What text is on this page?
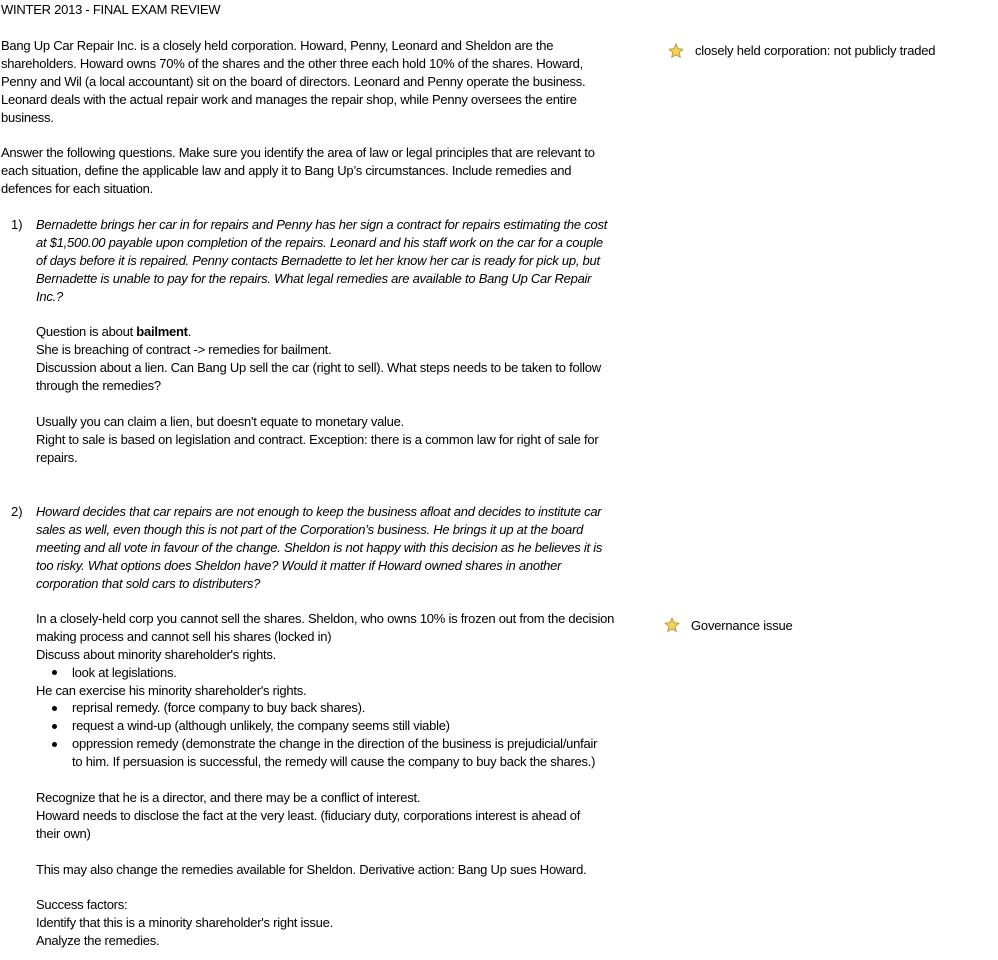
WINTER 2013 - FINAL EXAM REVIEW
Bang Up Car Repair Inc. is a closely held corporation. Howard, Penny, Leonard and Sheldon are the
shareholders. Howard owns 70% of the shares and the other three each hold 10% of the shares. Howard,
Penny and Wil (a local accountant) sit on the board of directors. Leonard and Penny operate the business.
Leonard deals with the actual repair work and manages the repair shop, while Penny oversees the entire
business.
Answer the following questions. Make sure you identify the area of law or legal principles that are relevant to
each situation, define the applicable law and apply it to Bang Up’s circumstances. Include remedies and
defences for each situation.
1) Bernadette brings her car in for repairs and Penny has her sign a contract for repairs estimating the cost
at $1,500.00 payable upon completion of the repairs. Leonard and his staff work on the car for a couple
of days before it is repaired. Penny contacts Bernadette to let her know her car is ready for pick up, but
Bernadette is unable to pay for the repairs. What legal remedies are available to Bang Up Car Repair
Inc.?
Question is about bailment.
She is breaching of contract -> remedies for bailment.
Discussion about a lien. Can Bang Up sell the car (right to sell). What steps needs to be taken to follow
through the remedies?
Usually you can claim a lien, but doesn't equate to monetary value.
Right to sale is based on legislation and contract. Exception: there is a common law for right of sale for
repairs.
2) Howard decides that car repairs are not enough to keep the business afloat and decides to institute car
sales as well, even though this is not part of the Corporation’s business. He brings it up at the board
meeting and all vote in favour of the change. Sheldon is not happy with this decision as he believes it is
too risky. What options does Sheldon have? Would it matter if Howard owned shares in another
corporation that sold cars to distributers?
In a closely-held corp you cannot sell the shares. Sheldon, who owns 10% is frozen out from the decision
making process and cannot sell his shares (locked in)
Discuss about minority shareholder's rights.
look at legislations.
He can exercise his minority shareholder's rights.
reprisal remedy. (force company to buy back shares).
request a wind-up (although unlikely, the company seems still viable)
oppression remedy (demonstrate the change in the direction of the business is prejudicial/unfair
to him. If persuasion is successful, the remedy will cause the company to buy back the shares.)
Recognize that he is a director, and there may be a conflict of interest.
Howard needs to disclose the fact at the very least. (fiduciary duty, corporations interest is ahead of
their own)
This may also change the remedies available for Sheldon. Derivative action: Bang Up sues Howard.
Success factors:
Identify that this is a minority shareholder's right issue.
Analyze the remedies.
closely held corporation: not publicly traded
Governance issue
